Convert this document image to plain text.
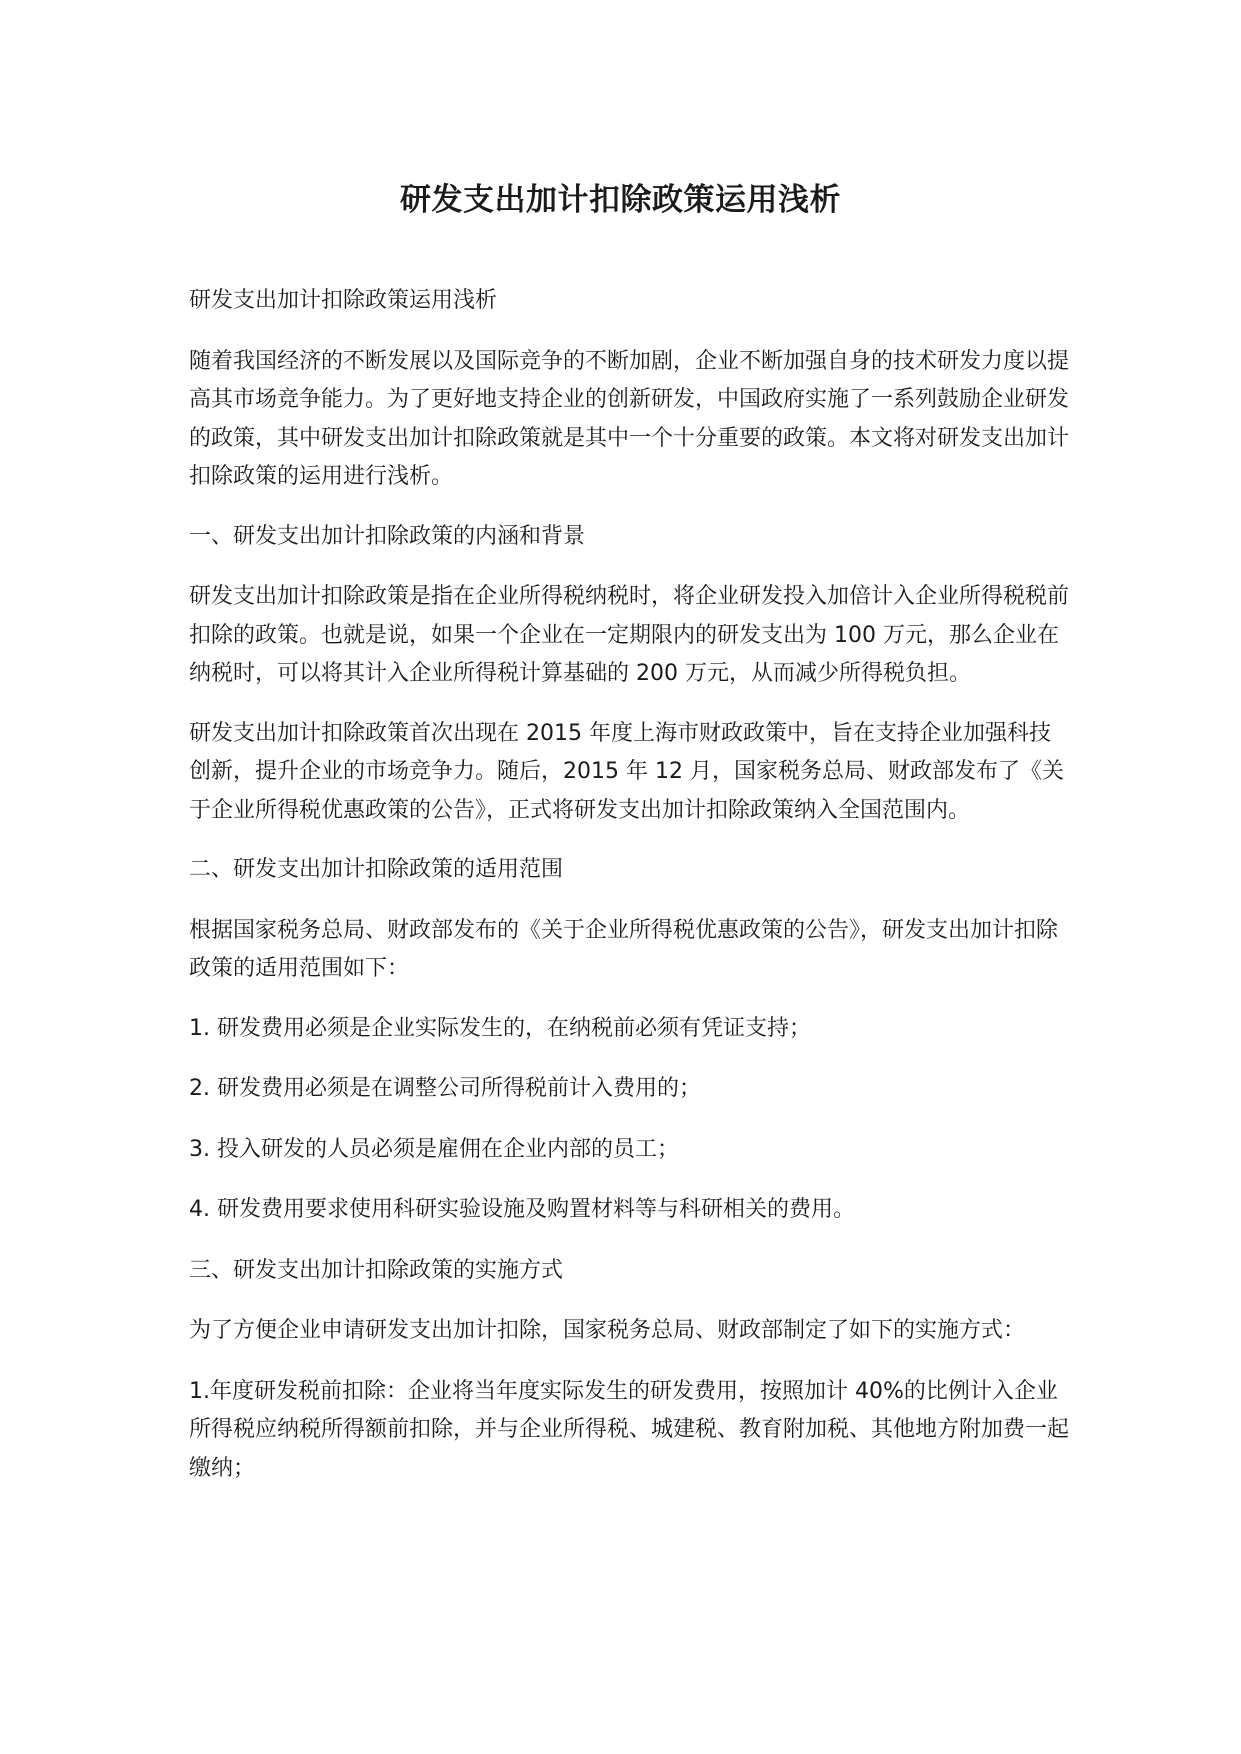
研发支出加计扣除政策运用浅析

研发支出加计扣除政策运用浅析

随着我国经济的不断发展以及国际竞争的不断加剧，企业不断加强自身的技术研发力度以提高其市场竞争能力。为了更好地支持企业的创新研发，中国政府实施了一系列鼓励企业研发的政策，其中研发支出加计扣除政策就是其中一个十分重要的政策。本文将对研发支出加计扣除政策的运用进行浅析。

一、研发支出加计扣除政策的内涵和背景

研发支出加计扣除政策是指在企业所得税纳税时，将企业研发投入加倍计入企业所得税税前扣除的政策。也就是说，如果一个企业在一定期限内的研发支出为 100 万元，那么企业在纳税时，可以将其计入企业所得税计算基础的 200 万元，从而减少所得税负担。

研发支出加计扣除政策首次出现在 2015 年度上海市财政政策中，旨在支持企业加强科技创新，提升企业的市场竞争力。随后，2015 年 12 月，国家税务总局、财政部发布了《关于企业所得税优惠政策的公告》，正式将研发支出加计扣除政策纳入全国范围内。

二、研发支出加计扣除政策的适用范围

根据国家税务总局、财政部发布的《关于企业所得税优惠政策的公告》，研发支出加计扣除政策的适用范围如下：

1. 研发费用必须是企业实际发生的，在纳税前必须有凭证支持；

2. 研发费用必须是在调整公司所得税前计入费用的；

3. 投入研发的人员必须是雇佣在企业内部的员工；

4. 研发费用要求使用科研实验设施及购置材料等与科研相关的费用。

三、研发支出加计扣除政策的实施方式

为了方便企业申请研发支出加计扣除，国家税务总局、财政部制定了如下的实施方式：

1.年度研发税前扣除：企业将当年度实际发生的研发费用，按照加计 40%的比例计入企业所得税应纳税所得额前扣除，并与企业所得税、城建税、教育附加税、其他地方附加费一起缴纳；
